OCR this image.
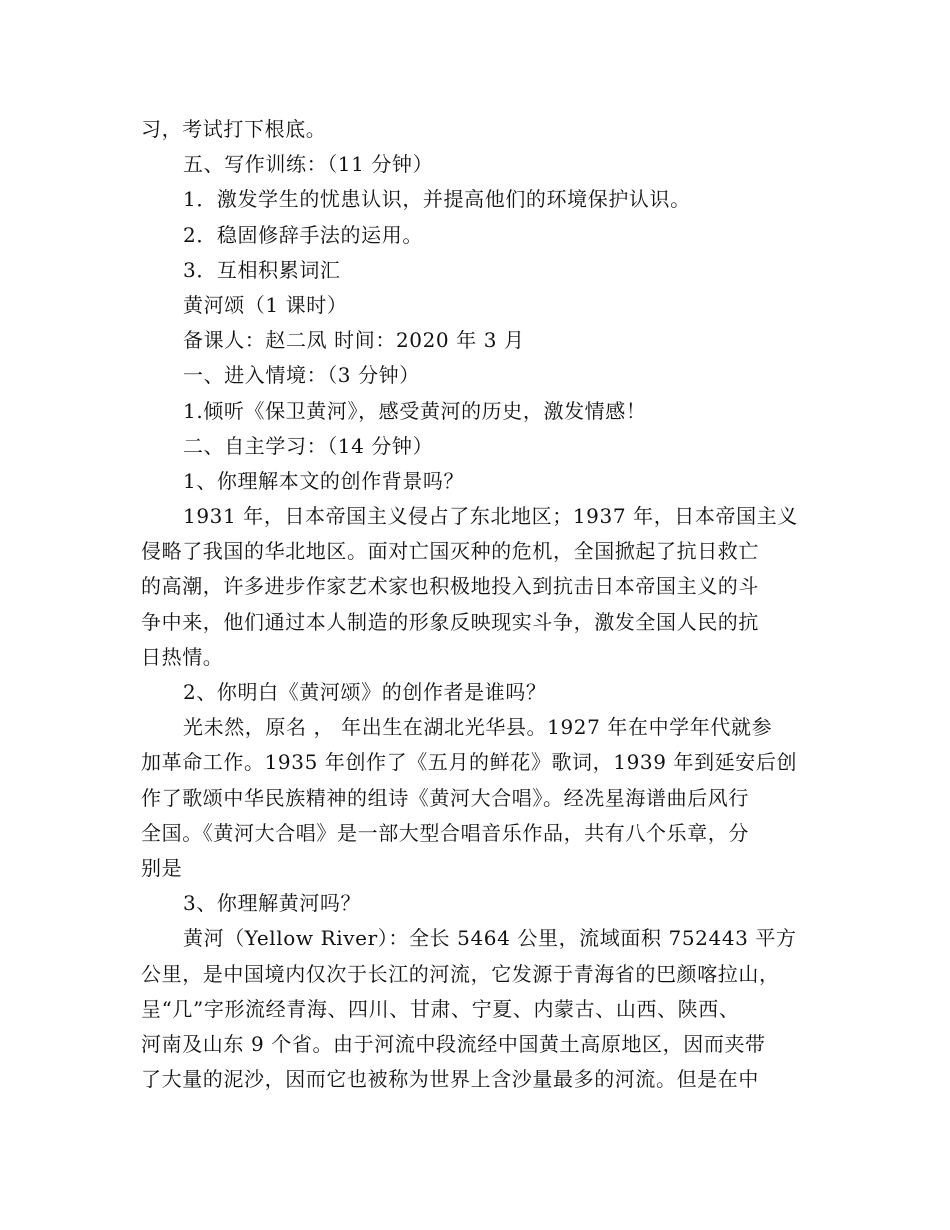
习，考试打下根底。
五、写作训练：（11 分钟）
1．激发学生的忧患认识，并提高他们的环境保护认识。
2．稳固修辞手法的运用。
3．互相积累词汇
黄河颂（1 课时）
备课人：赵二凤 时间：2020 年 3 月
一、进入情境：（3 分钟）
1.倾听《保卫黄河》，感受黄河的历史，激发情感！
二、自主学习：（14 分钟）
1、你理解本文的创作背景吗？
1931 年，日本帝国主义侵占了东北地区；1937 年，日本帝国主义
侵略了我国的华北地区。面对亡国灭种的危机，全国掀起了抗日救亡
的高潮，许多进步作家艺术家也积极地投入到抗击日本帝国主义的斗
争中来，他们通过本人制造的形象反映现实斗争，激发全国人民的抗
日热情。
2、你明白《黄河颂》的创作者是谁吗？
光未然，原名 ， 年出生在湖北光华县。1927 年在中学年代就参
加革命工作。1935 年创作了《五月的鲜花》歌词，1939 年到延安后创
作了歌颂中华民族精神的组诗《黄河大合唱》。经冼星海谱曲后风行
全国。《黄河大合唱》是一部大型合唱音乐作品，共有八个乐章，分
别是
3、你理解黄河吗？
黄河（Yellow River）：全长 5464 公里，流域面积 752443 平方
公里，是中国境内仅次于长江的河流，它发源于青海省的巴颜喀拉山，
呈“几”字形流经青海、四川、甘肃、宁夏、内蒙古、山西、陕西、
河南及山东 9 个省。由于河流中段流经中国黄土高原地区，因而夹带
了大量的泥沙，因而它也被称为世界上含沙量最多的河流。但是在中
